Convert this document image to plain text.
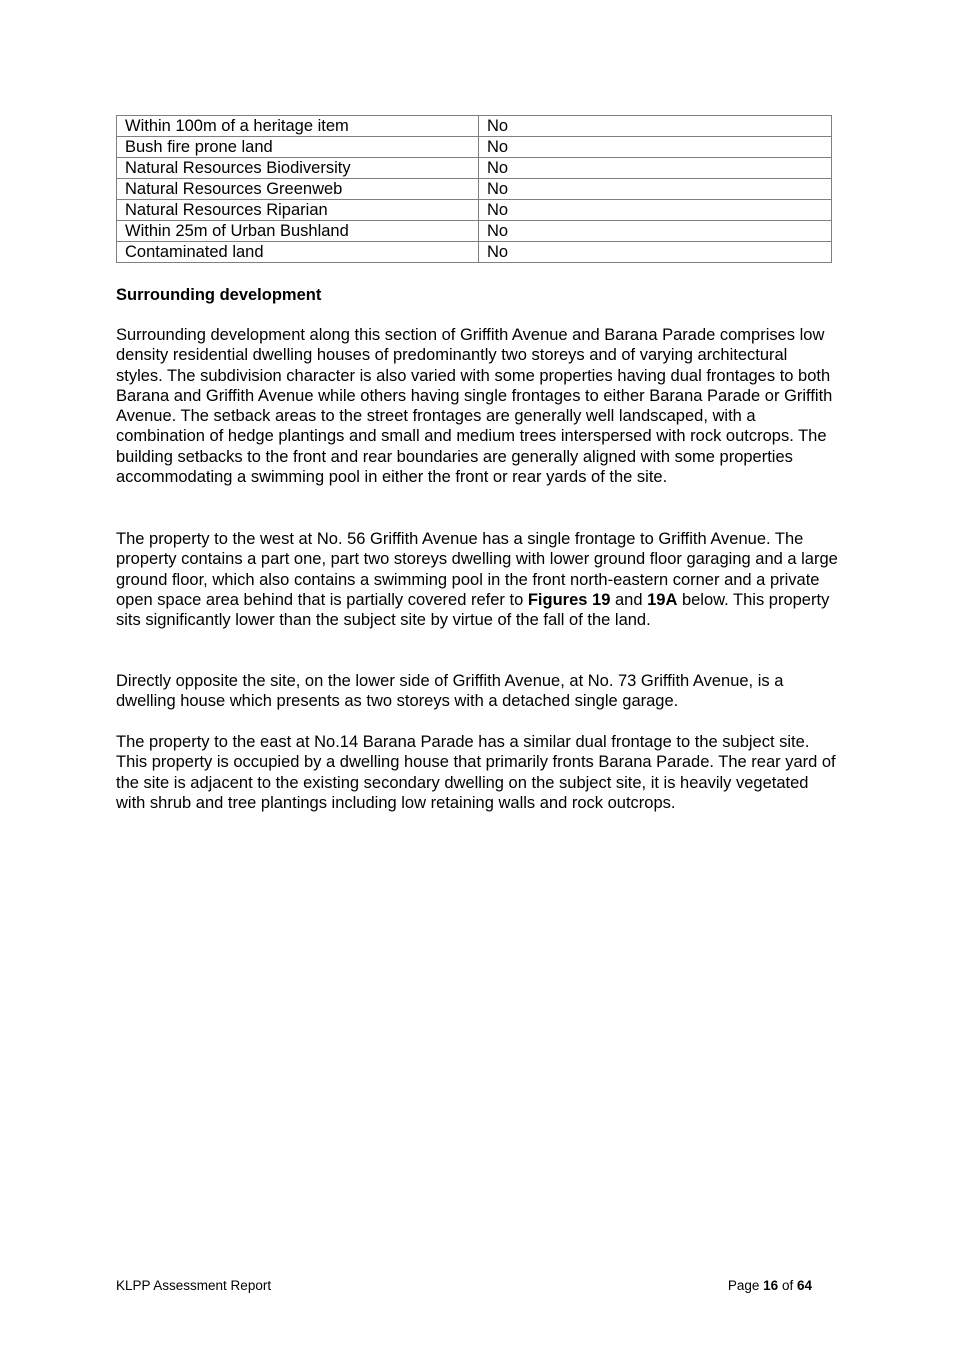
Within 100m of a heritage item	No
Bush fire prone land	No
Natural Resources Biodiversity	No
Natural Resources Greenweb	No
Natural Resources Riparian	No
Within 25m of Urban Bushland	No
Contaminated land	No
Surrounding development

Surrounding development along this section of Griffith Avenue and Barana Parade comprises low density residential dwelling houses of predominantly two storeys and of varying architectural styles. The subdivision character is also varied with some properties having dual frontages to both Barana and Griffith Avenue while others having single frontages to either Barana Parade or Griffith Avenue. The setback areas to the street frontages are generally well landscaped, with a combination of hedge plantings and small and medium trees interspersed with rock outcrops. The building setbacks to the front and rear boundaries are generally aligned with some properties accommodating a swimming pool in either the front or rear yards of the site.

The property to the west at No. 56 Griffith Avenue has a single frontage to Griffith Avenue. The property contains a part one, part two storeys dwelling with lower ground floor garaging and a large ground floor, which also contains a swimming pool in the front north-eastern corner and a private open space area behind that is partially covered refer to Figures 19 and 19A below. This property sits significantly lower than the subject site by virtue of the fall of the land.

Directly opposite the site, on the lower side of Griffith Avenue, at No. 73 Griffith Avenue, is a dwelling house which presents as two storeys with a detached single garage.

The property to the east at No.14 Barana Parade has a similar dual frontage to the subject site. This property is occupied by a dwelling house that primarily fronts Barana Parade. The rear yard of the site is adjacent to the existing secondary dwelling on the subject site, it is heavily vegetated with shrub and tree plantings including low retaining walls and rock outcrops.

KLPP Assessment Report	Page 16 of 64
